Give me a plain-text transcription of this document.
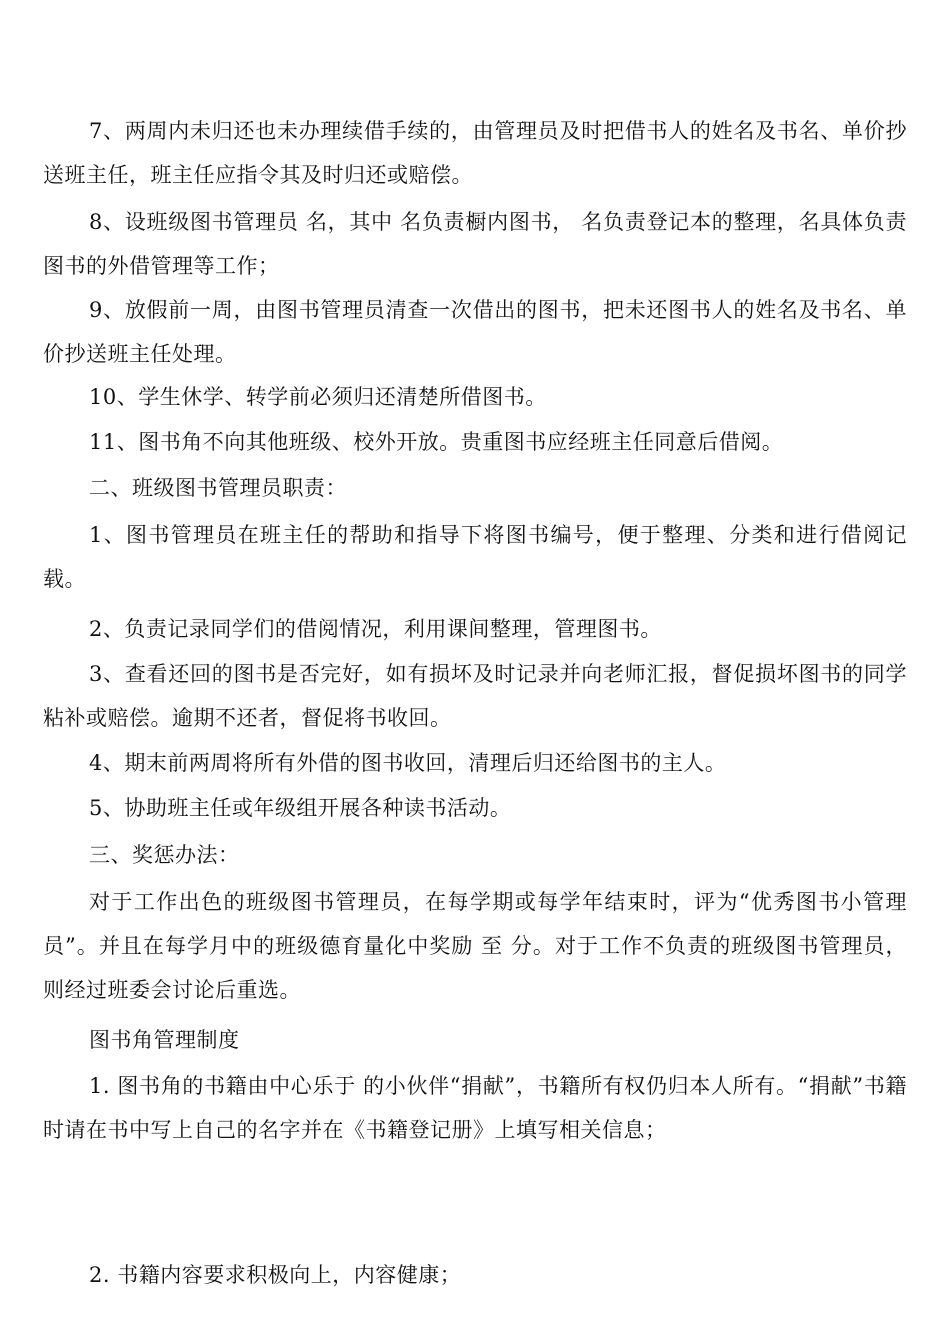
7、两周内未归还也未办理续借手续的，由管理员及时把借书人的姓名及书名、单价抄送班主任，班主任应指令其及时归还或赔偿。

8、设班级图书管理员 名，其中 名负责橱内图书， 名负责登记本的整理，名具体负责图书的外借管理等工作；

9、放假前一周，由图书管理员清查一次借出的图书，把未还图书人的姓名及书名、单价抄送班主任处理。

10、学生休学、转学前必须归还清楚所借图书。

11、图书角不向其他班级、校外开放。贵重图书应经班主任同意后借阅。

二、班级图书管理员职责：

1、图书管理员在班主任的帮助和指导下将图书编号，便于整理、分类和进行借阅记载。

2、负责记录同学们的借阅情况，利用课间整理，管理图书。

3、查看还回的图书是否完好，如有损坏及时记录并向老师汇报，督促损坏图书的同学粘补或赔偿。逾期不还者，督促将书收回。

4、期末前两周将所有外借的图书收回，清理后归还给图书的主人。

5、协助班主任或年级组开展各种读书活动。

三、奖惩办法：

对于工作出色的班级图书管理员，在每学期或每学年结束时，评为“优秀图书小管理员”。并且在每学月中的班级德育量化中奖励 至 分。对于工作不负责的班级图书管理员，则经过班委会讨论后重选。

图书角管理制度

1. 图书角的书籍由中心乐于 的小伙伴“捐献”，书籍所有权仍归本人所有。“捐献”书籍时请在书中写上自己的名字并在《书籍登记册》上填写相关信息；

2. 书籍内容要求积极向上，内容健康；
